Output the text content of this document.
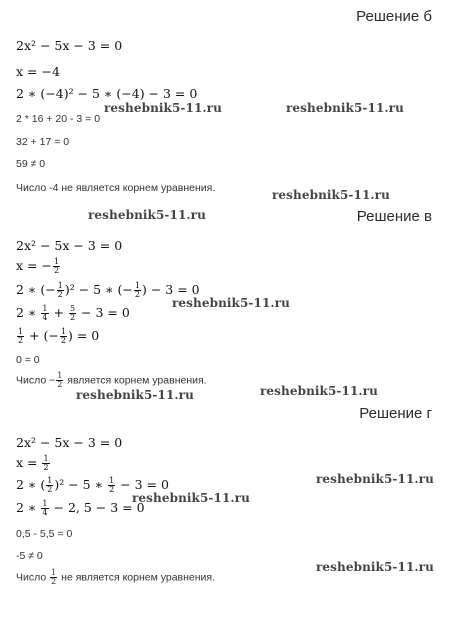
Решение б
2x² − 5x − 3 = 0
x = −4
2 ∗ (−4)² − 5 ∗ (−4) − 3 = 0
2 * 16 + 20 - 3 = 0
32 + 17 = 0
59 ≠ 0
Число -4 не является корнем уравнения.
reshebnik5-11.ru	reshebnik5-11.ru
reshebnik5-11.ru
reshebnik5-11.ru	Решение в
2x² − 5x − 3 = 0
x = − $\frac{1}{2}$
2 ∗ (− $\frac{1}{2} )^2 - 5$ ∗ (− $\frac{1}{2}$ ) − 3 = 0
2 ∗ $\frac{1}{4} + \frac{5}{2} - 3 = 0$
$\frac{1}{2}$ + (− $\frac{1}{2}$ ) = 0
0 = 0
Число − $\frac{1}{2}$ является корнем уравнения.
reshebnik5-11.ru
reshebnik5-11.ru
reshebnik5-11.ru
Решение г
2x² − 5x − 3 = 0
$x = \frac{1}{2}$
2 ∗ ( $\frac{1}{2} )^2 - 5$ ∗ $\frac{1}{2} - 3 = 0$
2 ∗ $\frac{1}{4} - 2$, 5 − 3 = 0
0,5 - 5,5 = 0
-5 ≠ 0
Число $\frac{1}{2}$ не является корнем уравнения.
reshebnik5-11.ru
reshebnik5-11.ru
reshebnik5-11.ru
